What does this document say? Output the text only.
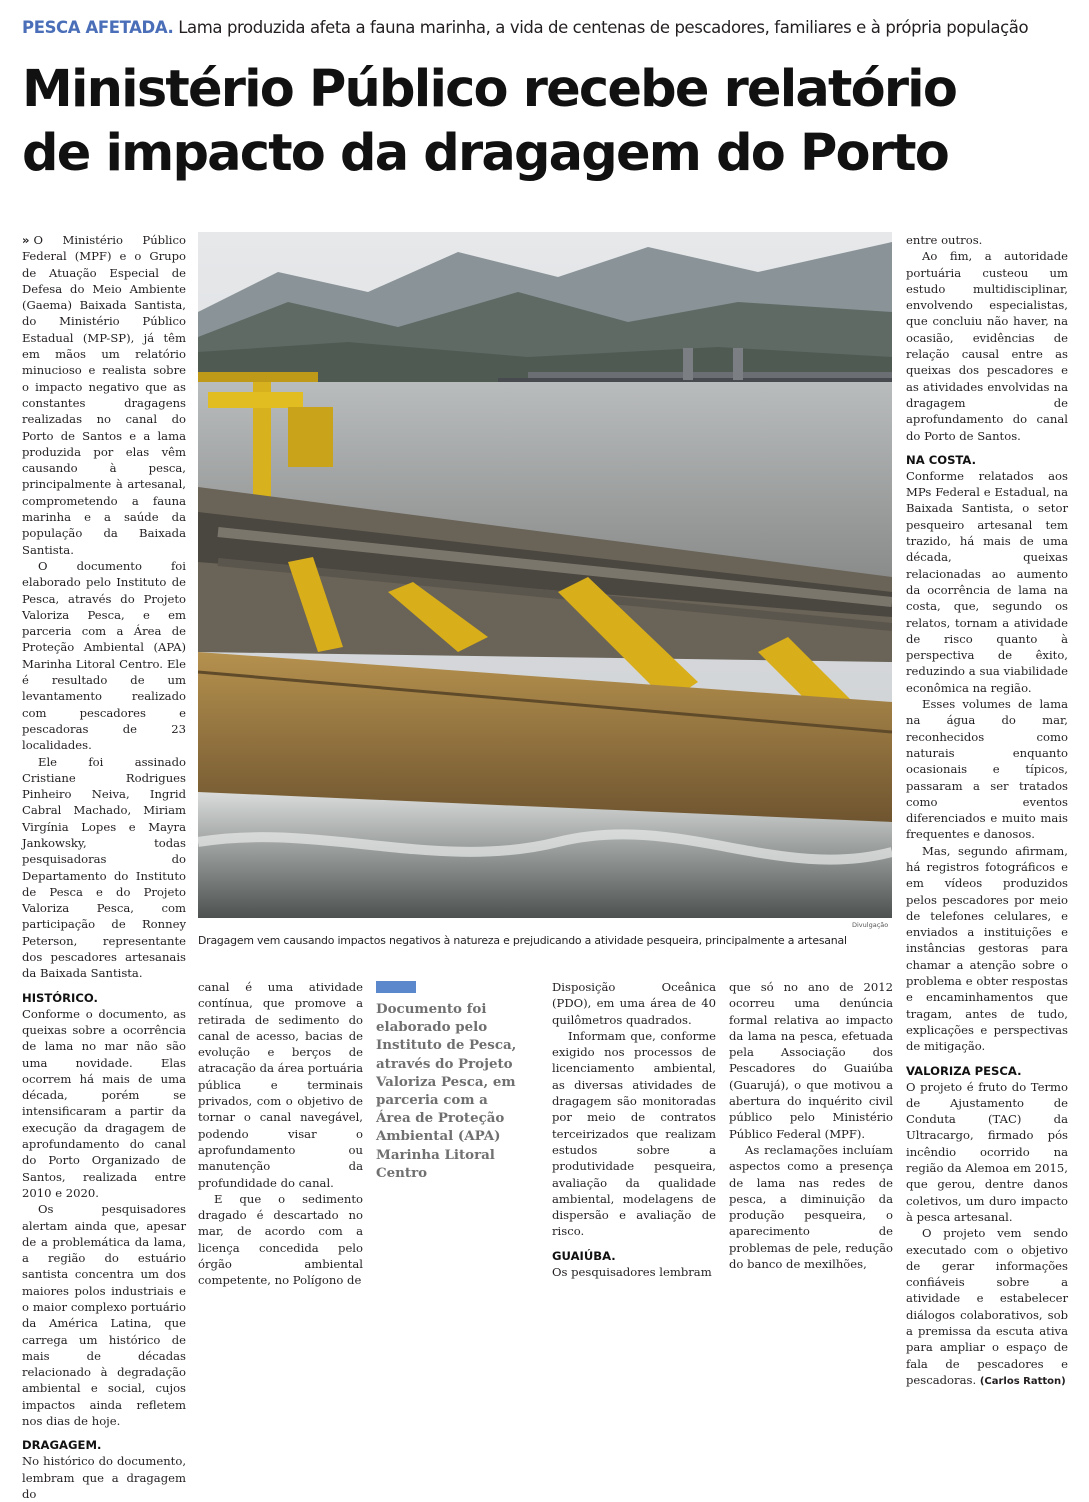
PESCA AFETADA. Lama produzida afeta a fauna marinha, a vida de centenas de pescadores, familiares e à própria população
Ministério Público recebe relatório
de impacto da dragagem do Porto

» O Ministério Público Federal (MPF) e o Grupo de Atuação Especial de Defesa do Meio Ambiente (Gaema) Baixada Santista, do Ministério Público Estadual (MP-SP), já têm em mãos um relatório minucioso e realista sobre o impacto negativo que as constantes dragagens realizadas no canal do Porto de Santos e a lama produzida por elas vêm causando à pesca, principalmente à artesanal, comprometendo a fauna marinha e a saúde da população da Baixada Santista.

O documento foi elaborado pelo Instituto de Pesca, através do Projeto Valoriza Pesca, e em parceria com a Área de Proteção Ambiental (APA) Marinha Litoral Centro. Ele é resultado de um levantamento realizado com pescadores e pescadoras de 23 localidades.

Ele foi assinado Cristiane Rodrigues Pinheiro Neiva, Ingrid Cabral Machado, Miriam Virgínia Lopes e Mayra Jankowsky, todas pesquisadoras do Departamento do Instituto de Pesca e do Projeto Valoriza Pesca, com participação de Ronney Peterson, representante dos pescadores artesanais da Baixada Santista.

HISTÓRICO.

Conforme o documento, as queixas sobre a ocorrência de lama no mar não são uma novidade. Elas ocorrem há mais de uma década, porém se intensificaram a partir da execução da dragagem de aprofundamento do canal do Porto Organizado de Santos, realizada entre 2010 e 2020.

Os pesquisadores alertam ainda que, apesar de a problemática da lama, a região do estuário santista concentra um dos maiores polos industriais e o maior complexo portuário da América Latina, que carrega um histórico de mais de décadas relacionado à degradação ambiental e social, cujos impactos ainda refletem nos dias de hoje.

DRAGAGEM.

No histórico do documento, lembram que a dragagem do

Divulgação
Dragagem vem causando impactos negativos à natureza e prejudicando a atividade pesqueira, principalmente a artesanal

canal é uma atividade contínua, que promove a retirada de sedimento do canal de acesso, bacias de evolução e berços de atracação da área portuária pública e terminais privados, com o objetivo de tornar o canal navegável, podendo visar o aprofundamento ou manutenção da profundidade do canal.

E que o sedimento dragado é descartado no mar, de acordo com a licença concedida pelo órgão ambiental competente, no Polígono de

Documento foi elaborado pelo Instituto de Pesca, através do Projeto Valoriza Pesca, em parceria com a Área de Proteção Ambiental (APA) Marinha Litoral Centro

Disposição Oceânica (PDO), em uma área de 40 quilômetros quadrados.

Informam que, conforme exigido nos processos de licenciamento ambiental, as diversas atividades de dragagem são monitoradas por meio de contratos terceirizados que realizam estudos sobre a produtividade pesqueira, avaliação da qualidade ambiental, modelagens de dispersão e avaliação de risco.

GUAIÚBA.

Os pesquisadores lembram

que só no ano de 2012 ocorreu uma denúncia formal relativa ao impacto da lama na pesca, efetuada pela Associação dos Pescadores do Guaiúba (Guarujá), o que motivou a abertura do inquérito civil público pelo Ministério Público Federal (MPF).

As reclamações incluíam aspectos como a presença de lama nas redes de pesca, a diminuição da produção pesqueira, o aparecimento de problemas de pele, redução do banco de mexilhões,

entre outros.

Ao fim, a autoridade portuária custeou um estudo multidisciplinar, envolvendo especialistas, que concluiu não haver, na ocasião, evidências de relação causal entre as queixas dos pescadores e as atividades envolvidas na dragagem de aprofundamento do canal do Porto de Santos.

NA COSTA.

Conforme relatados aos MPs Federal e Estadual, na Baixada Santista, o setor pesqueiro artesanal tem trazido, há mais de uma década, queixas relacionadas ao aumento da ocorrência de lama na costa, que, segundo os relatos, tornam a atividade de risco quanto à perspectiva de êxito, reduzindo a sua viabilidade econômica na região.

Esses volumes de lama na água do mar, reconhecidos como naturais enquanto ocasionais e típicos, passaram a ser tratados como eventos diferenciados e muito mais frequentes e danosos.

Mas, segundo afirmam, há registros fotográficos e em vídeos produzidos pelos pescadores por meio de telefones celulares, e enviados a instituições e instâncias gestoras para chamar a atenção sobre o problema e obter respostas e encaminhamentos que tragam, antes de tudo, explicações e perspectivas de mitigação.

VALORIZA PESCA.

O projeto é fruto do Termo de Ajustamento de Conduta (TAC) da Ultracargo, firmado pós incêndio ocorrido na região da Alemoa em 2015, que gerou, dentre danos coletivos, um duro impacto à pesca artesanal.

O projeto vem sendo executado com o objetivo de gerar informações confiáveis sobre a atividade e estabelecer diálogos colaborativos, sob a premissa da escuta ativa para ampliar o espaço de fala de pescadores e pescadoras. (Carlos Ratton)
